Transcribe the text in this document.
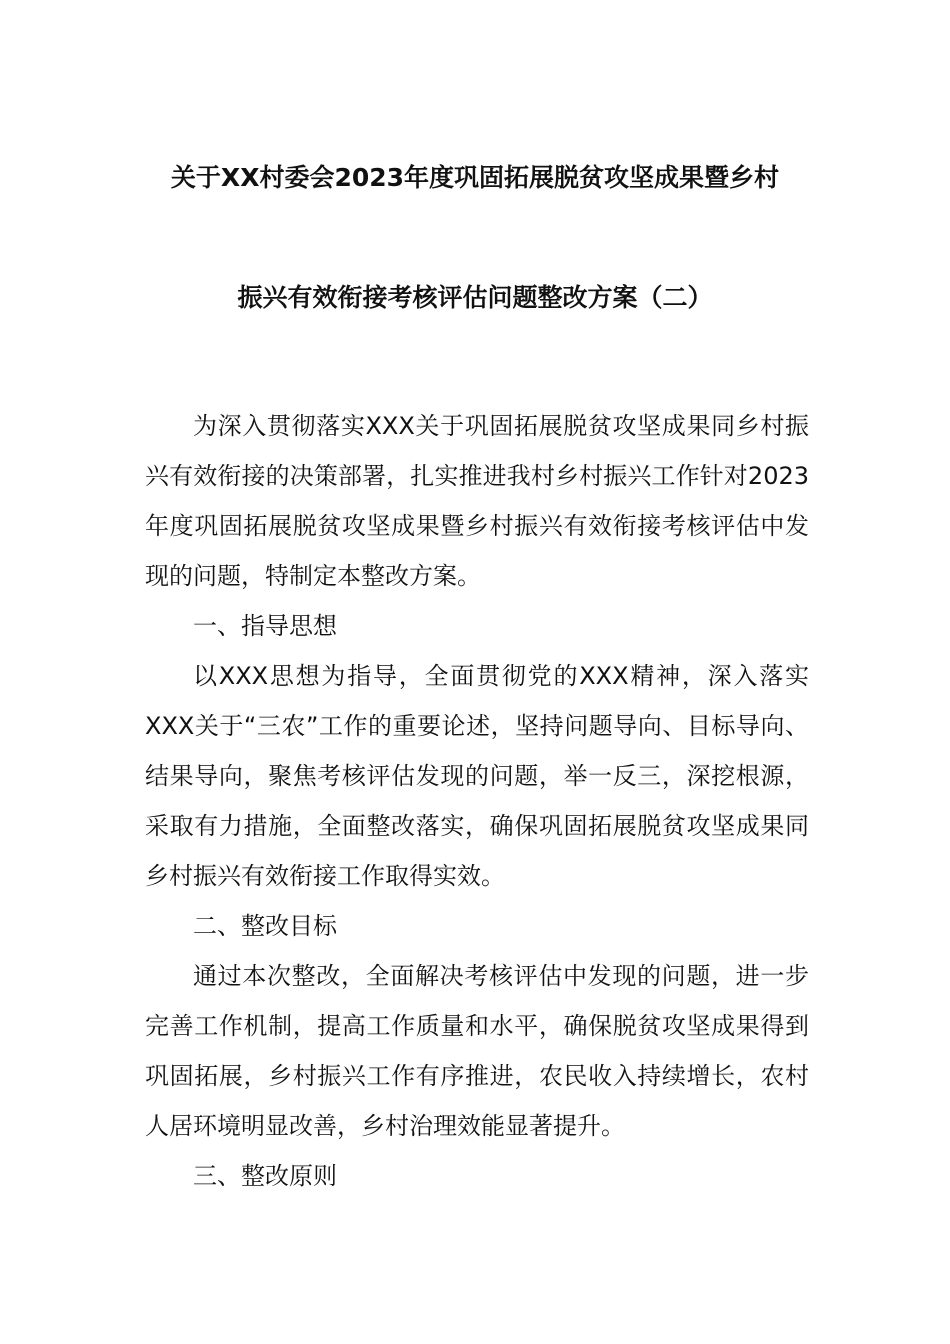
关于XX村委会2023年度巩固拓展脱贫攻坚成果暨乡村
振兴有效衔接考核评估问题整改方案（二）

为深入贯彻落实XXX关于巩固拓展脱贫攻坚成果同乡村振兴有效衔接的决策部署，扎实推进我村乡村振兴工作针对2023年度巩固拓展脱贫攻坚成果暨乡村振兴有效衔接考核评估中发现的问题，特制定本整改方案。

一、指导思想

以XXX思想为指导，全面贯彻党的XXX精神，深入落实XXX关于“三农”工作的重要论述，坚持问题导向、目标导向、结果导向，聚焦考核评估发现的问题，举一反三，深挖根源，采取有力措施，全面整改落实，确保巩固拓展脱贫攻坚成果同乡村振兴有效衔接工作取得实效。

二、整改目标

通过本次整改，全面解决考核评估中发现的问题，进一步完善工作机制，提高工作质量和水平，确保脱贫攻坚成果得到巩固拓展，乡村振兴工作有序推进，农民收入持续增长，农村人居环境明显改善，乡村治理效能显著提升。

三、整改原则
